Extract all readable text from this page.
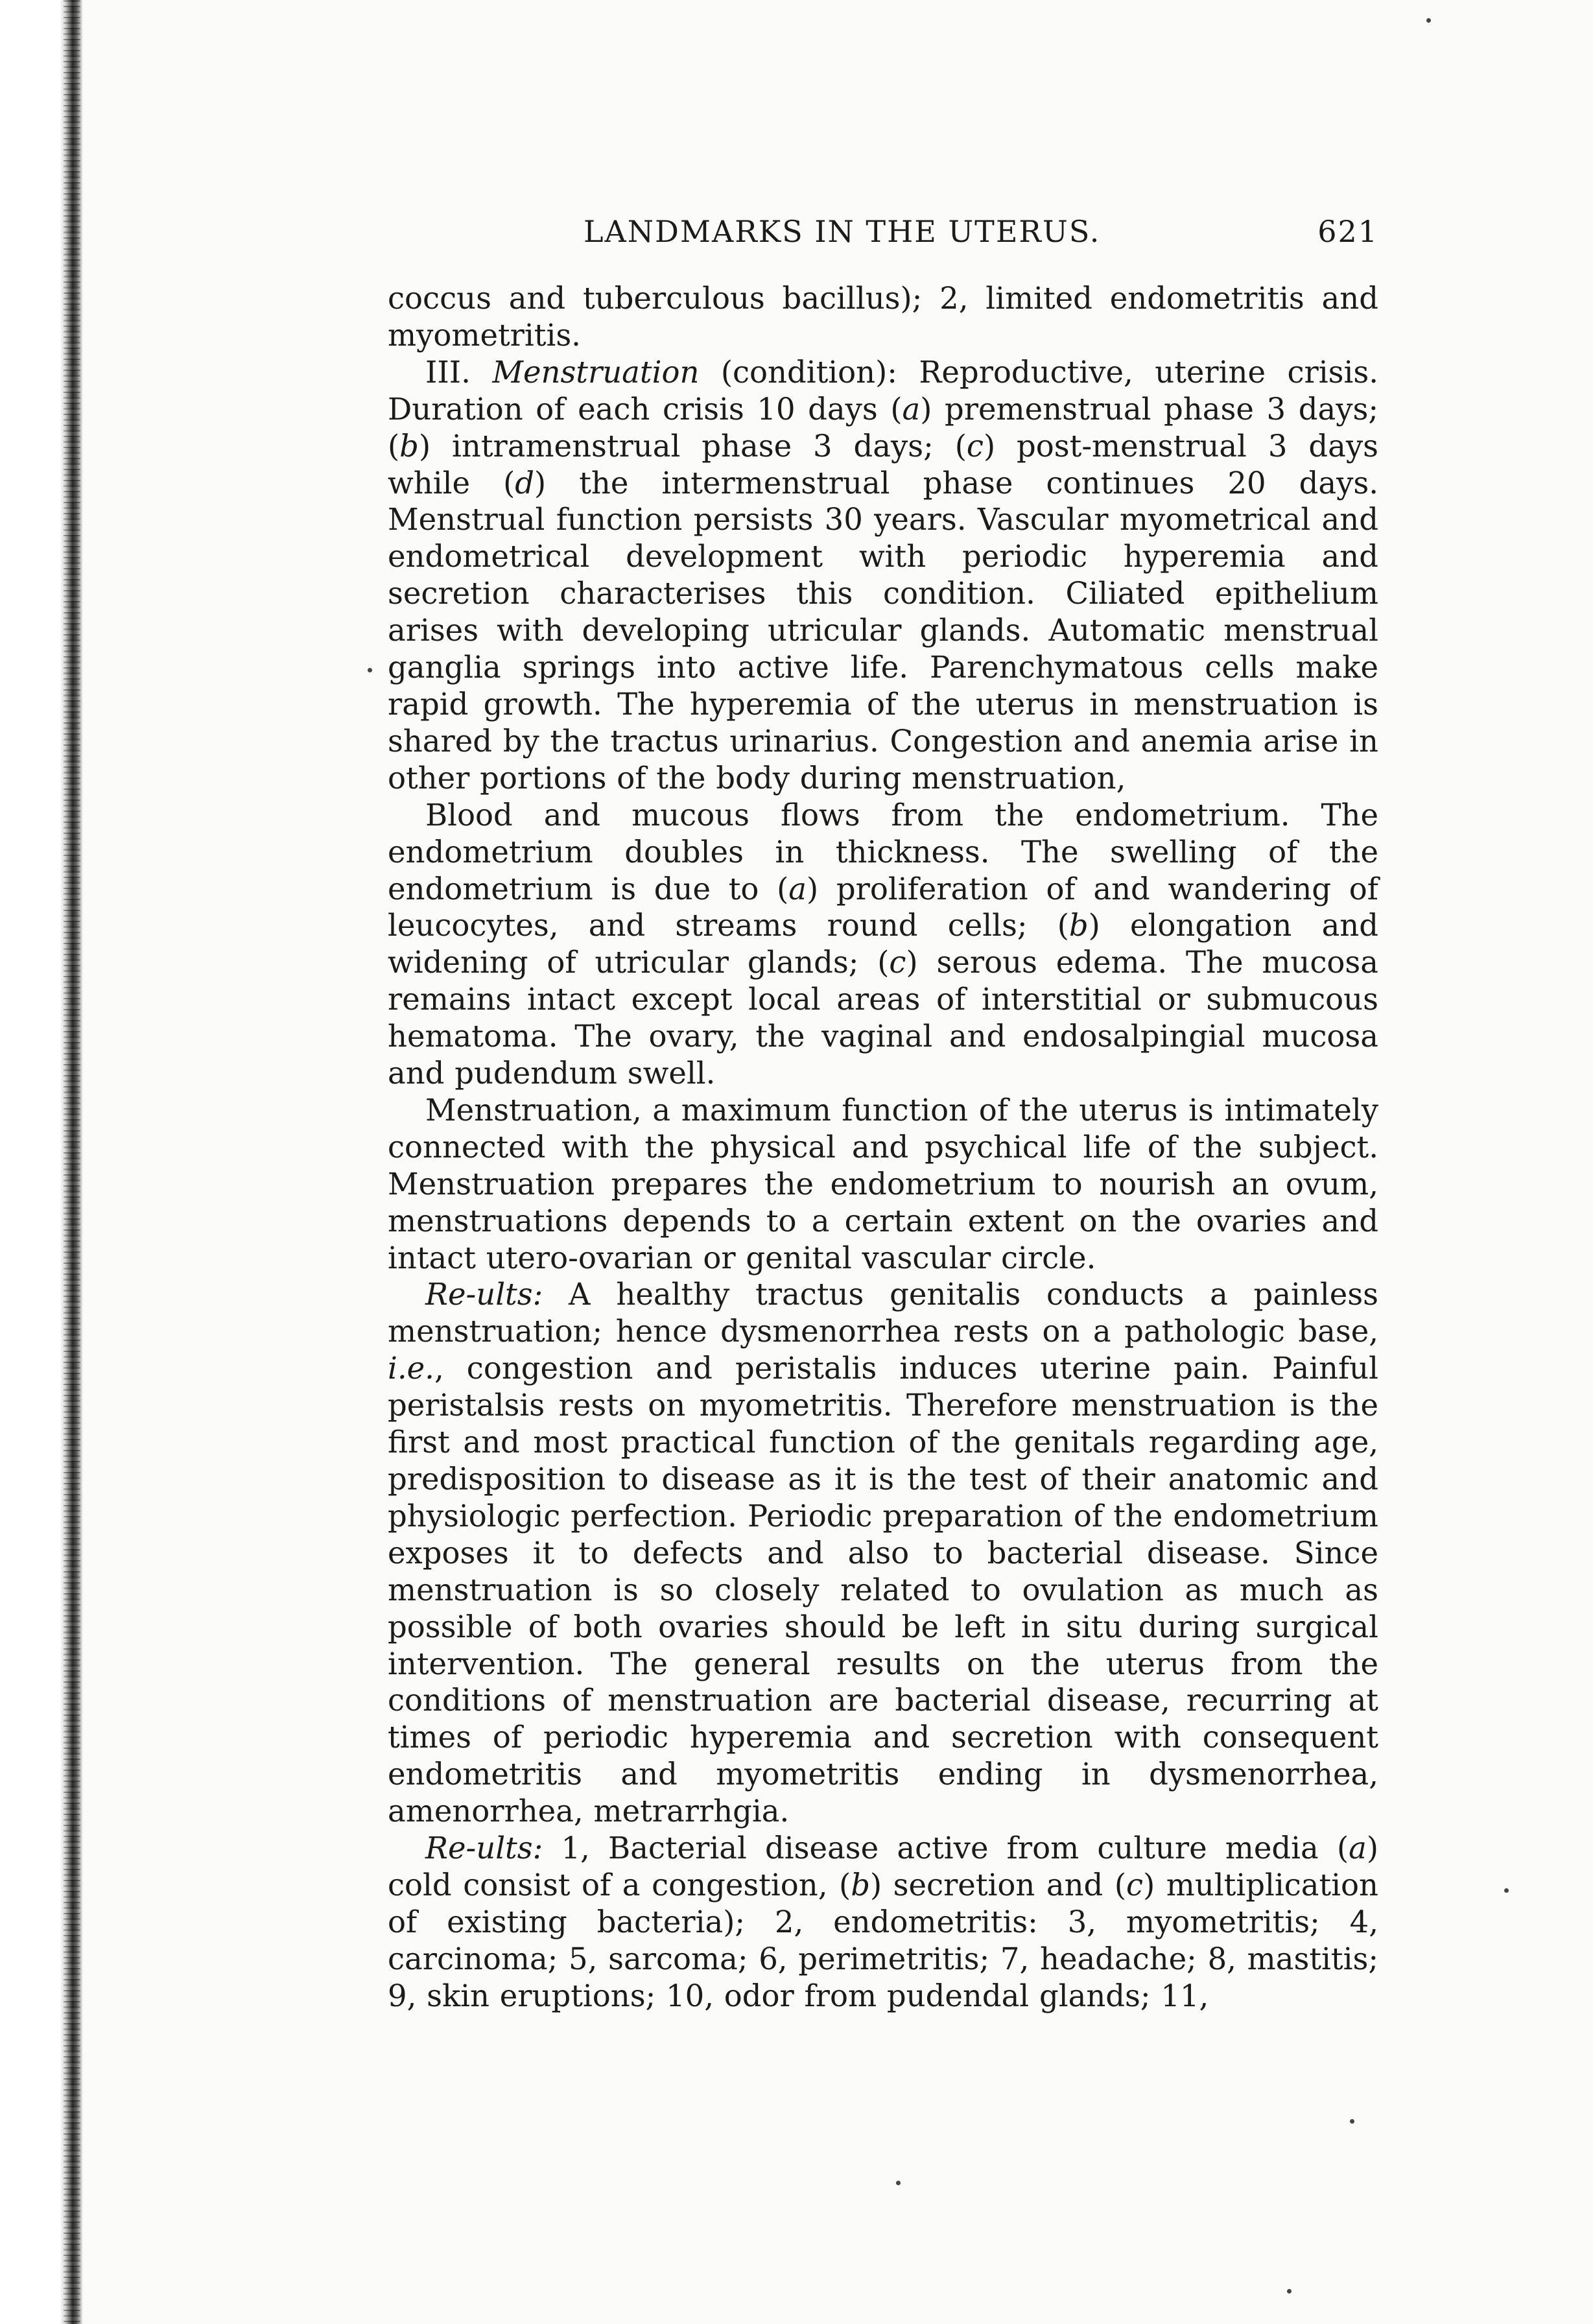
LANDMARKS IN THE UTERUS.	621

coccus and tuberculous bacillus); 2, limited endometritis and myometritis.

III. Menstruation (condition): Reproductive, uterine crisis. Duration of each crisis 10 days (a) premenstrual phase 3 days; (b) intramenstrual phase 3 days; (c) post-menstrual 3 days while (d) the intermenstrual phase continues 20 days. Menstrual function persists 30 years. Vascular myometrical and endometrical development with periodic hyperemia and secretion characterises this condition. Ciliated epithelium arises with developing utricular glands. Automatic menstrual ganglia springs into active life. Parenchymatous cells make rapid growth. The hyperemia of the uterus in menstruation is shared by the tractus urinarius. Congestion and anemia arise in other portions of the body during menstruation,

Blood and mucous flows from the endometrium. The endometrium doubles in thickness. The swelling of the endometrium is due to (a) proliferation of and wandering of leucocytes, and streams round cells; (b) elongation and widening of utricular glands; (c) serous edema. The mucosa remains intact except local areas of interstitial or submucous hematoma. The ovary, the vaginal and endosalpingial mucosa and pudendum swell.

Menstruation, a maximum function of the uterus is intimately connected with the physical and psychical life of the subject. Menstruation prepares the endometrium to nourish an ovum, menstruations depends to a certain extent on the ovaries and intact utero-ovarian or genital vascular circle.

Re-ults: A healthy tractus genitalis conducts a painless menstruation; hence dysmenorrhea rests on a pathologic base, i.e., congestion and peristalis induces uterine pain. Painful peristalsis rests on myometritis. Therefore menstruation is the first and most practical function of the genitals regarding age, predisposition to disease as it is the test of their anatomic and physiologic perfection. Periodic preparation of the endometrium exposes it to defects and also to bacterial disease. Since menstruation is so closely related to ovulation as much as possible of both ovaries should be left in situ during surgical intervention. The general results on the uterus from the conditions of menstruation are bacterial disease, recurring at times of periodic hyperemia and secretion with consequent endometritis and myometritis ending in dysmenorrhea, amenorrhea, metrarrhgia.

Re-ults: 1, Bacterial disease active from culture media (a) cold consist of a congestion, (b) secretion and (c) multiplication of existing bacteria); 2, endometritis: 3, myometritis; 4, carcinoma; 5, sarcoma; 6, perimetritis; 7, headache; 8, mastitis; 9, skin eruptions; 10, odor from pudendal glands; 11,
